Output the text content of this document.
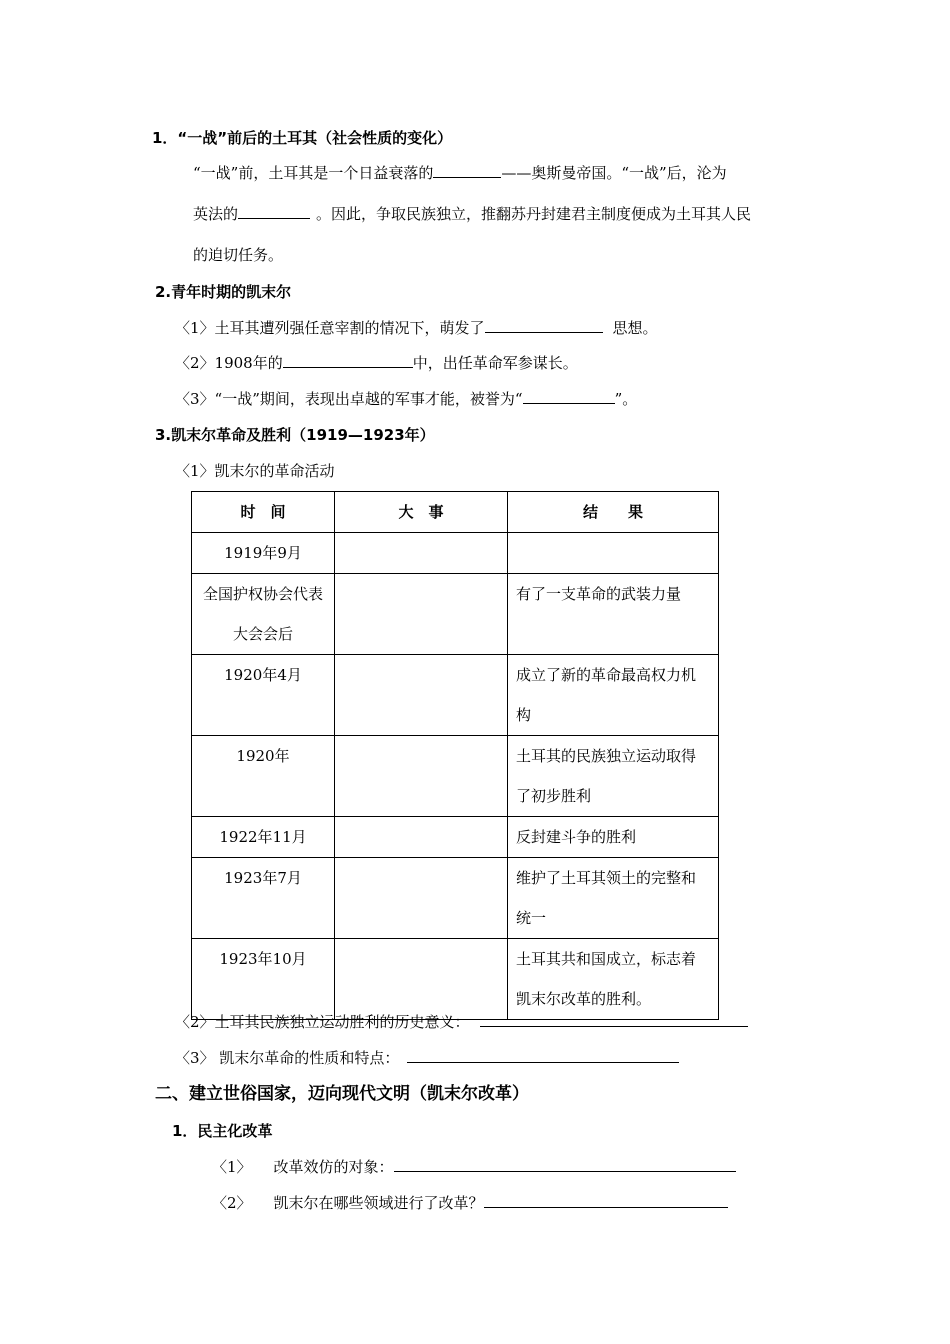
1．“一战”前后的土耳其（社会性质的变化）
“一战”前，土耳其是一个日益衰落的	——奥斯曼帝国。“一战”后，沦为
英法的	。因此，争取民族独立，推翻苏丹封建君主制度便成为土耳其人民
的迫切任务。
2.青年时期的凯末尔
〈1〉土耳其遭列强任意宰割的情况下，萌发了	思想。
〈2〉1908年的	中，出任革命军参谋长。
〈3〉“一战”期间，表现出卓越的军事才能，被誉为“	”。
3.凯末尔革命及胜利（1919—1923年）
〈1〉凯末尔的革命活动
时　间	大　事	结　　果
1919年9月		
全国护权协会代表大会会后		有了一支革命的武装力量
1920年4月		成立了新的革命最高权力机构
1920年		土耳其的民族独立运动取得了初步胜利
1922年11月		反封建斗争的胜利
1923年7月		维护了土耳其领土的完整和统一
1923年10月		土耳其共和国成立，标志着凯末尔改革的胜利。
〈2〉土耳其民族独立运动胜利的历史意义：
〈3〉 凯末尔革命的性质和特点：
二、建立世俗国家，迈向现代文明（凯末尔改革）
1．民主化改革
〈1〉 改革效仿的对象：
〈2〉 凯末尔在哪些领域进行了改革？
